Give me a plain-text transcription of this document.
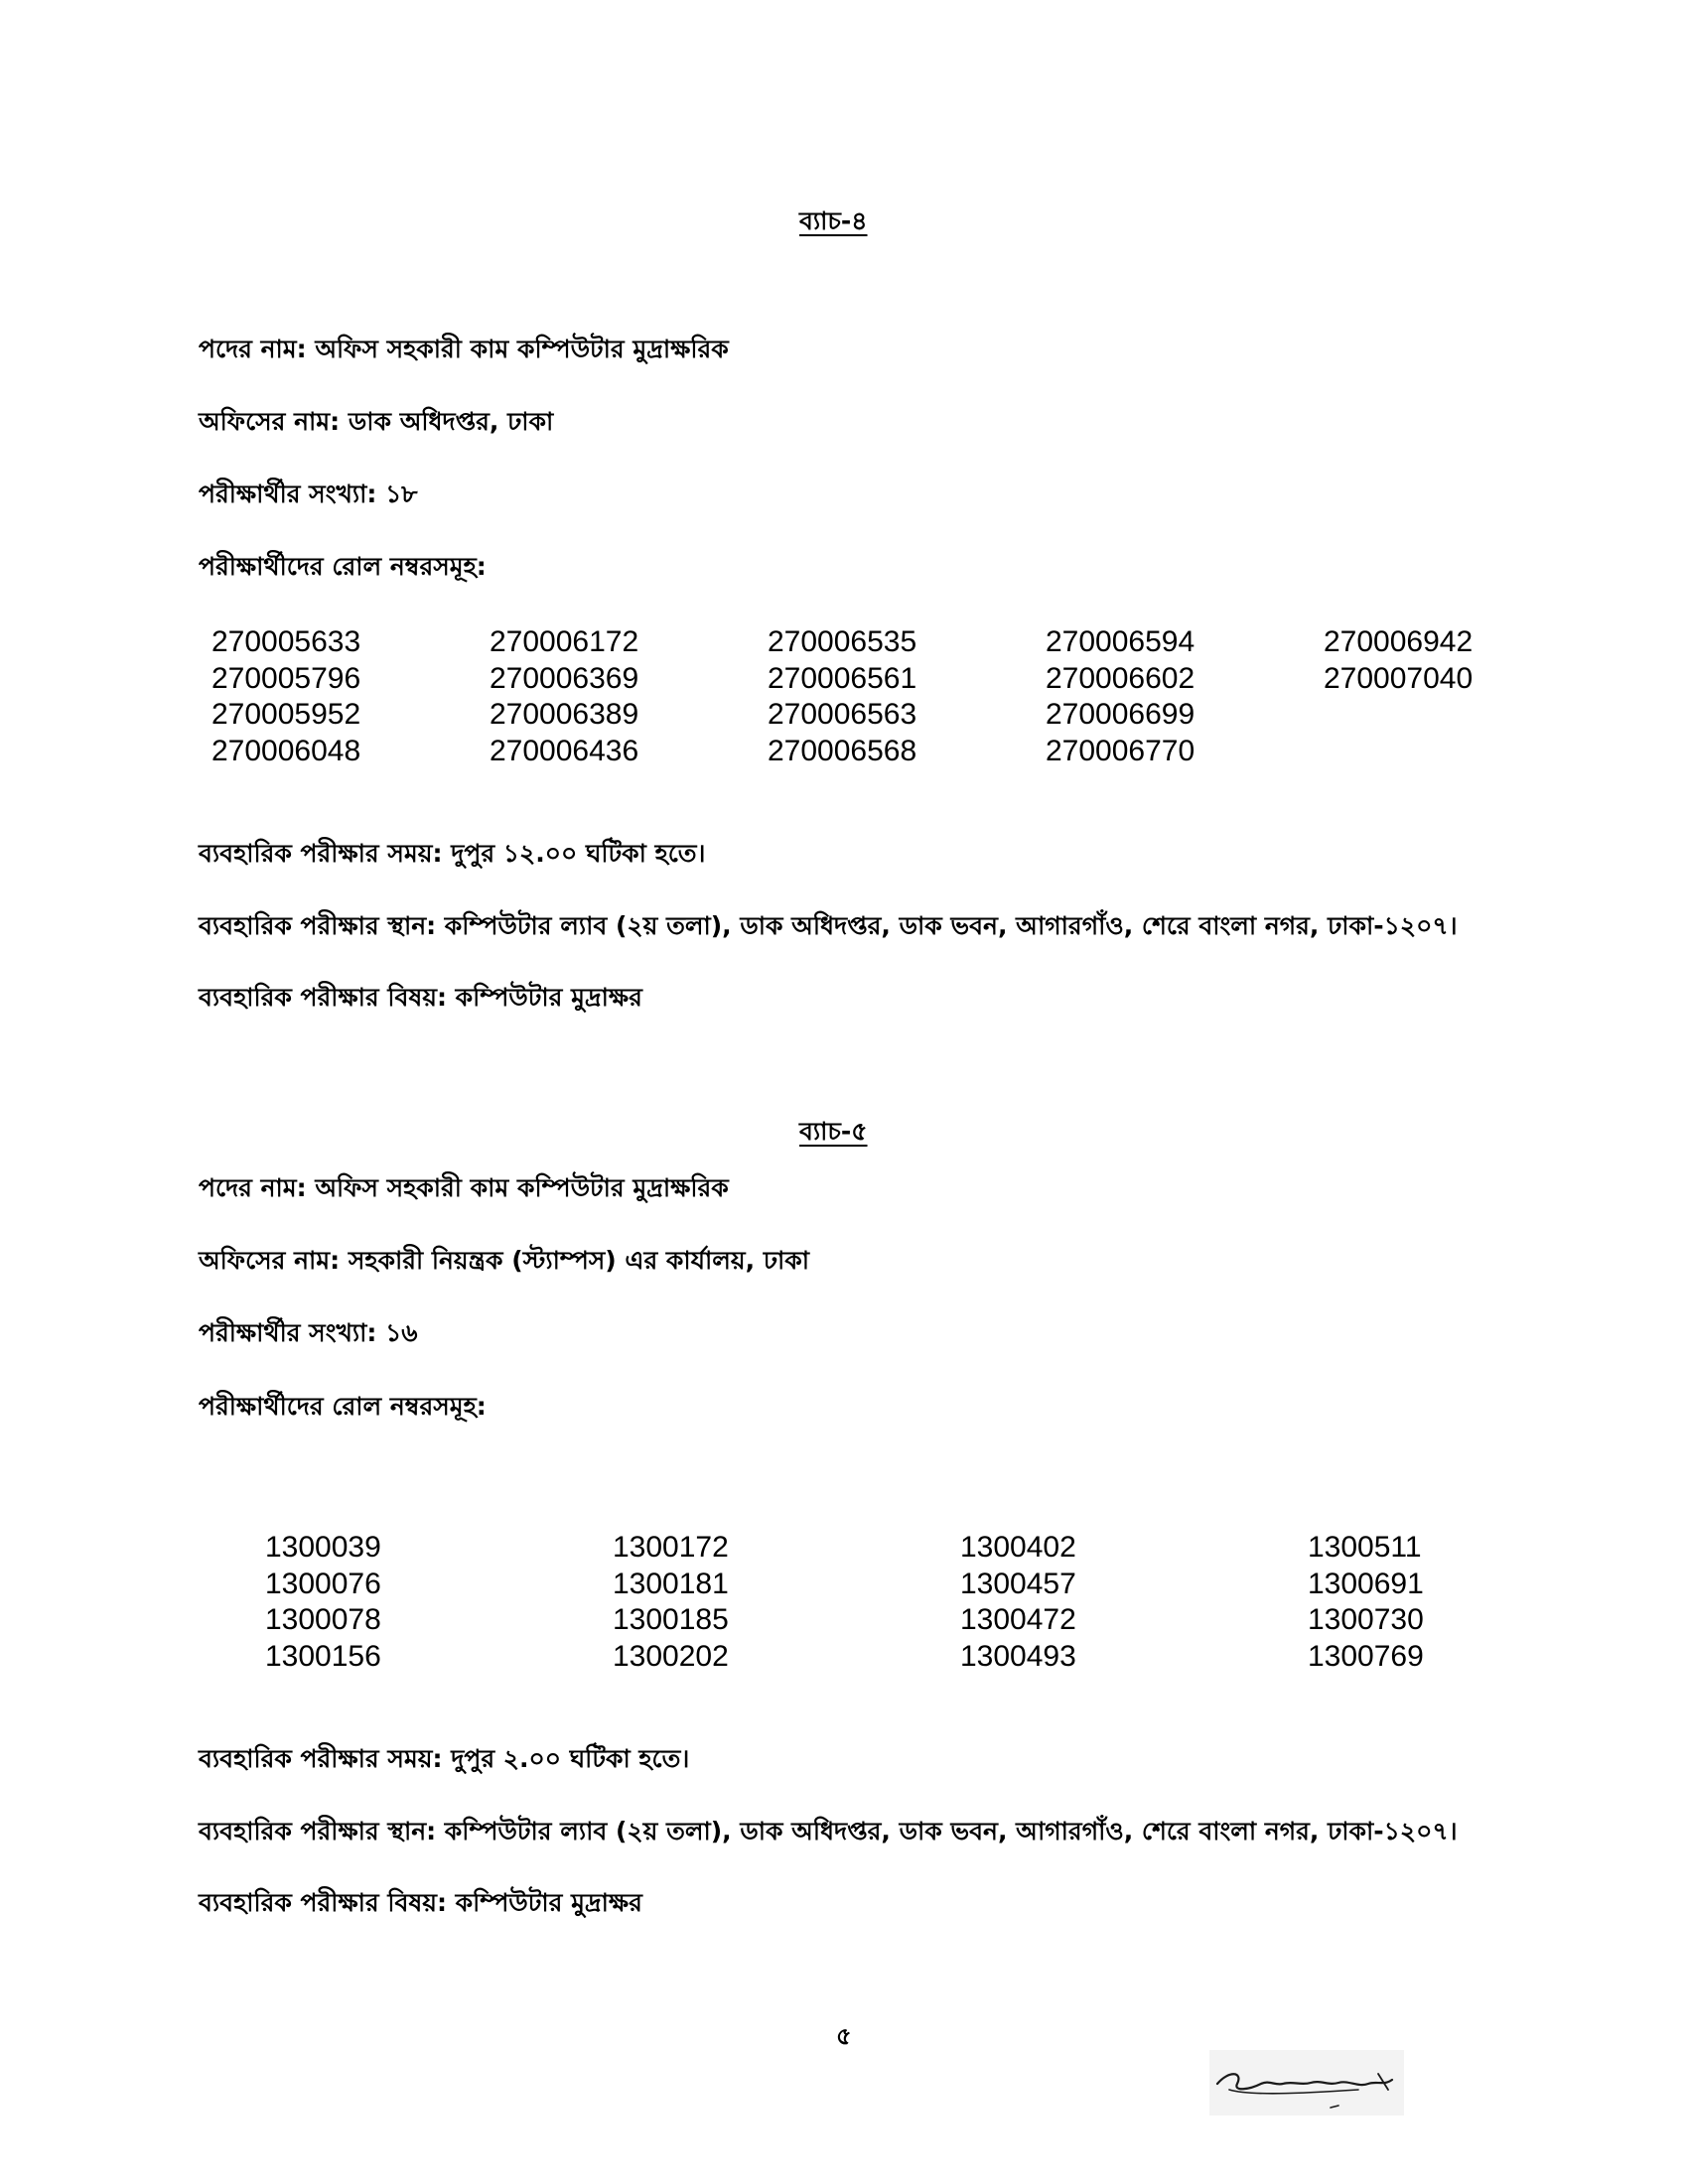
ব্যাচ-৪
পদের নাম: অফিস সহকারী কাম কম্পিউটার মুদ্রাক্ষরিক
অফিসের নাম: ডাক অধিদপ্তর, ঢাকা
পরীক্ষার্থীর সংখ্যা: ১৮
পরীক্ষার্থীদের রোল নম্বরসমূহ:
270005633
270005796
270005952
270006048
270006172
270006369
270006389
270006436
270006535
270006561
270006563
270006568
270006594
270006602
270006699
270006770
270006942
270007040
ব্যবহারিক পরীক্ষার সময়: দুপুর ১২.০০ ঘটিকা হতে।
ব্যবহারিক পরীক্ষার স্থান: কম্পিউটার ল্যাব (২য় তলা), ডাক অধিদপ্তর, ডাক ভবন, আগারগাঁও, শেরে বাংলা নগর, ঢাকা-১২০৭।
ব্যবহারিক পরীক্ষার বিষয়: কম্পিউটার মুদ্রাক্ষর
ব্যাচ-৫
পদের নাম: অফিস সহকারী কাম কম্পিউটার মুদ্রাক্ষরিক
অফিসের নাম: সহকারী নিয়ন্ত্রক (স্ট্যাম্পস) এর কার্যালয়, ঢাকা
পরীক্ষার্থীর সংখ্যা: ১৬
পরীক্ষার্থীদের রোল নম্বরসমূহ:
1300039
1300076
1300078
1300156
1300172
1300181
1300185
1300202
1300402
1300457
1300472
1300493
1300511
1300691
1300730
1300769
ব্যবহারিক পরীক্ষার সময়: দুপুর ২.০০ ঘটিকা হতে।
ব্যবহারিক পরীক্ষার স্থান: কম্পিউটার ল্যাব (২য় তলা), ডাক অধিদপ্তর, ডাক ভবন, আগারগাঁও, শেরে বাংলা নগর, ঢাকা-১২০৭।
ব্যবহারিক পরীক্ষার বিষয়: কম্পিউটার মুদ্রাক্ষর
৫
